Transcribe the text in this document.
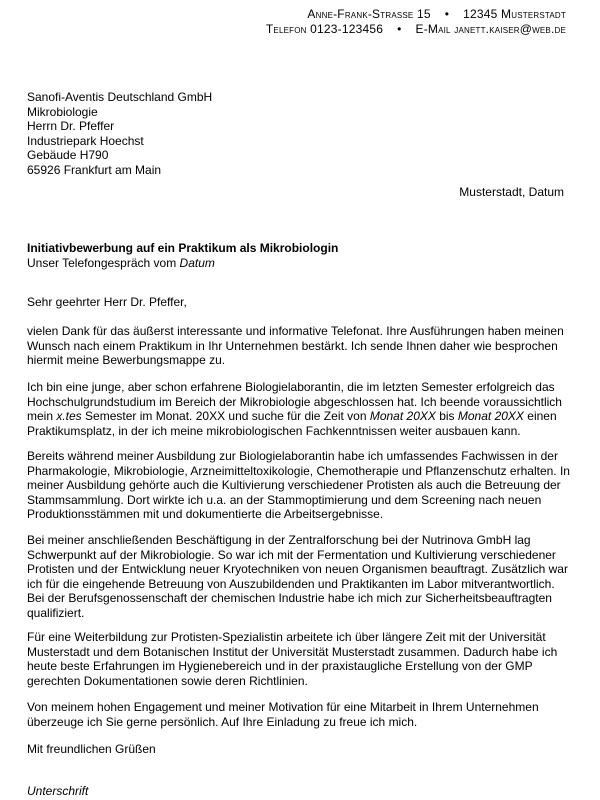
Anne-Frank-Strasse 15 • 12345 Musterstadt
Telefon 0123-123456 • E-Mail janett.kaiser@web.de
Sanofi-Aventis Deutschland GmbH
Mikrobiologie
Herrn Dr. Pfeffer
Industriepark Hoechst
Gebäude H790
65926 Frankfurt am Main
Musterstadt, Datum
Initiativbewerbung auf ein Praktikum als Mikrobiologin
Unser Telefongespräch vom Datum
Sehr geehrter Herr Dr. Pfeffer,

vielen Dank für das äußerst interessante und informative Telefonat. Ihre Ausführungen haben meinen Wunsch nach einem Praktikum in Ihr Unternehmen bestärkt. Ich sende Ihnen daher wie besprochen hiermit meine Bewerbungsmappe zu.

Ich bin eine junge, aber schon erfahrene Biologielaborantin, die im letzten Semester erfolgreich das Hochschulgrundstudium im Bereich der Mikrobiologie abgeschlossen hat. Ich beende voraussichtlich mein x.tes Semester im Monat. 20XX und suche für die Zeit von Monat 20XX bis Monat 20XX einen Praktikumsplatz, in der ich meine mikrobiologischen Fachkenntnissen weiter ausbauen kann.

Bereits während meiner Ausbildung zur Biologielaborantin habe ich umfassendes Fachwissen in der Pharmakologie, Mikrobiologie, Arzneimitteltoxikologie, Chemotherapie und Pflanzenschutz erhalten. In meiner Ausbildung gehörte auch die Kultivierung verschiedener Protisten als auch die Betreuung der Stammsammlung. Dort wirkte ich u.a. an der Stammoptimierung und dem Screening nach neuen Produktionsstämmen mit und dokumentierte die Arbeitsergebnisse.

Bei meiner anschließenden Beschäftigung in der Zentralforschung bei der Nutrinova GmbH lag Schwerpunkt auf der Mikrobiologie. So war ich mit der Fermentation und Kultivierung verschiedener Protisten und der Entwicklung neuer Kryotechniken von neuen Organismen beauftragt. Zusätzlich war ich für die eingehende Betreuung von Auszubildenden und Praktikanten im Labor mitverantwortlich. Bei der Berufsgenossenschaft der chemischen Industrie habe ich mich zur Sicherheitsbeauftragten qualifiziert.

Für eine Weiterbildung zur Protisten-Spezialistin arbeitete ich über längere Zeit mit der Universität Musterstadt und dem Botanischen Institut der Universität Musterstadt zusammen. Dadurch habe ich heute beste Erfahrungen im Hygienebereich und in der praxistaugliche Erstellung von der GMP gerechten Dokumentationen sowie deren Richtlinien.

Von meinem hohen Engagement und meiner Motivation für eine Mitarbeit in Ihrem Unternehmen überzeuge ich Sie gerne persönlich. Auf Ihre Einladung zu freue ich mich.

Mit freundlichen Grüßen
Unterschrift
